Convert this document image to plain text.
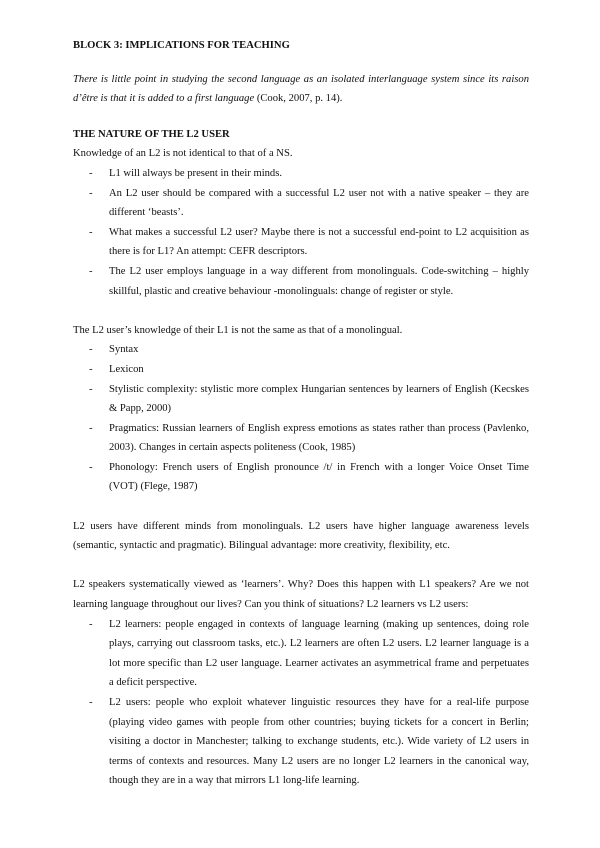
BLOCK 3: IMPLICATIONS FOR TEACHING

There is little point in studying the second language as an isolated interlanguage system since its raison d’être is that it is added to a first language (Cook, 2007, p. 14).

THE NATURE OF THE L2 USER

Knowledge of an L2 is not identical to that of a NS.

- L1 will always be present in their minds.
- An L2 user should be compared with a successful L2 user not with a native speaker – they are different ‘beasts’.
- What makes a successful L2 user? Maybe there is not a successful end-point to L2 acquisition as there is for L1? An attempt: CEFR descriptors.
- The L2 user employs language in a way different from monolinguals. Code-switching – highly skillful, plastic and creative behaviour -monolinguals: change of register or style.

The L2 user’s knowledge of their L1 is not the same as that of a monolingual.

- Syntax
- Lexicon
- Stylistic complexity: stylistic more complex Hungarian sentences by learners of English (Kecskes & Papp, 2000)
- Pragmatics: Russian learners of English express emotions as states rather than process (Pavlenko, 2003). Changes in certain aspects politeness (Cook, 1985)
- Phonology: French users of English pronounce /t/ in French with a longer Voice Onset Time (VOT) (Flege, 1987)

L2 users have different minds from monolinguals. L2 users have higher language awareness levels (semantic, syntactic and pragmatic). Bilingual advantage: more creativity, flexibility, etc.

L2 speakers systematically viewed as ‘learners’. Why? Does this happen with L1 speakers? Are we not learning language throughout our lives? Can you think of situations? L2 learners vs L2 users:

- L2 learners: people engaged in contexts of language learning (making up sentences, doing role plays, carrying out classroom tasks, etc.). L2 learners are often L2 users. L2 learner language is a lot more specific than L2 user language. Learner activates an asymmetrical frame and perpetuates a deficit perspective.
- L2 users: people who exploit whatever linguistic resources they have for a real-life purpose (playing video games with people from other countries; buying tickets for a concert in Berlin; visiting a doctor in Manchester; talking to exchange students, etc.). Wide variety of L2 users in terms of contexts and resources. Many L2 users are no longer L2 learners in the canonical way, though they are in a way that mirrors L1 long-life learning.
